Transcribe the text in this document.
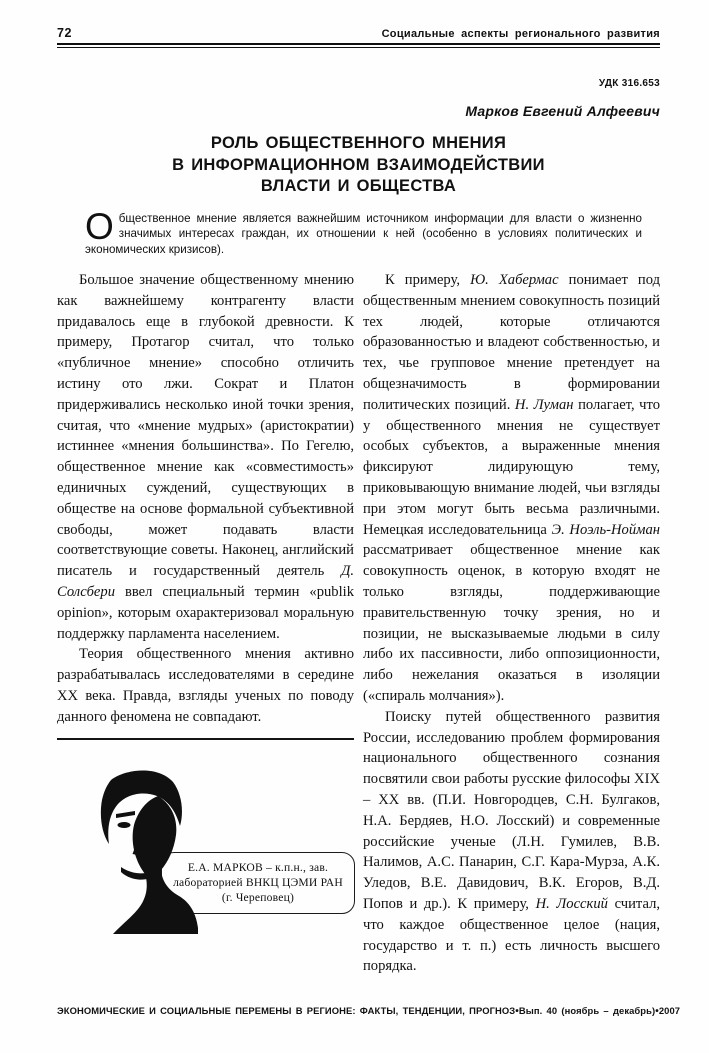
72	Социальные аспекты регионального развития
УДК 316.653
Марков Евгений Алфеевич
РОЛЬ ОБЩЕСТВЕННОГО МНЕНИЯ
В ИНФОРМАЦИОННОМ ВЗАИМОДЕЙСТВИИ
ВЛАСТИ И ОБЩЕСТВА
Общественное мнение является важнейшим источником информации для власти о жизненно значимых интересах граждан, их отношении к ней (особенно в условиях политических и экономических кризисов).

Большое значение общественному мнению как важнейшему контрагенту власти придавалось еще в глубокой древности. К примеру, Протагор считал, что только «публичное мнение» способно отличить истину ото лжи. Сократ и Платон придерживались несколько иной точки зрения, считая, что «мнение мудрых» (аристократии) истиннее «мнения большинства». По Гегелю, общественное мнение как «совместимость» единичных суждений, существующих в обществе на основе формальной субъективной свободы, может подавать власти соответствующие советы. Наконец, английский писатель и государственный деятель Д. Солсбери ввел специальный термин «publik opinion», которым охарактеризовал моральную поддержку парламента населением.

Теория общественного мнения активно разрабатывалась исследователями в середине XX века. Правда, взгляды ученых по поводу данного феномена не совпадают.

Е.А. МАРКОВ – к.п.н., зав.
лабораторией ВНКЦ ЦЭМИ РАН
(г. Череповец)

К примеру, Ю. Хабермас понимает под общественным мнением совокупность позиций тех людей, которые отличаются образованностью и владеют собственностью, и тех, чье групповое мнение претендует на общезначимость в формировании политических позиций. Н. Луман полагает, что у общественного мнения не существует особых субъектов, а выраженные мнения фиксируют лидирующую тему, приковывающую внимание людей, чьи взгляды при этом могут быть весьма различными. Немецкая исследовательница Э. Ноэль-Нойман рассматривает общественное мнение как совокупность оценок, в которую входят не только взгляды, поддерживающие правительственную точку зрения, но и позиции, не высказываемые людьми в силу либо их пассивности, либо оппозиционности, либо нежелания оказаться в изоляции («спираль молчания»).

Поиску путей общественного развития России, исследованию проблем формирования национального общественного сознания посвятили свои работы русские философы XIX – XX вв. (П.И. Новгородцев, С.Н. Булгаков, Н.А. Бердяев, Н.О. Лосский) и современные российские ученые (Л.Н. Гумилев, В.В. Налимов, А.С. Панарин, С.Г. Кара-Мурза, А.К. Уледов, В.Е. Давидович, В.К. Егоров, В.Д. Попов и др.). К примеру, Н. Лосский считал, что каждое общественное целое (нация, государство и т. п.) есть личность высшего порядка.

ЭКОНОМИЧЕСКИЕ И СОЦИАЛЬНЫЕ ПЕРЕМЕНЫ В РЕГИОНЕ: ФАКТЫ, ТЕНДЕНЦИИ, ПРОГНОЗ • Вып. 40 (ноябрь – декабрь) • 2007
